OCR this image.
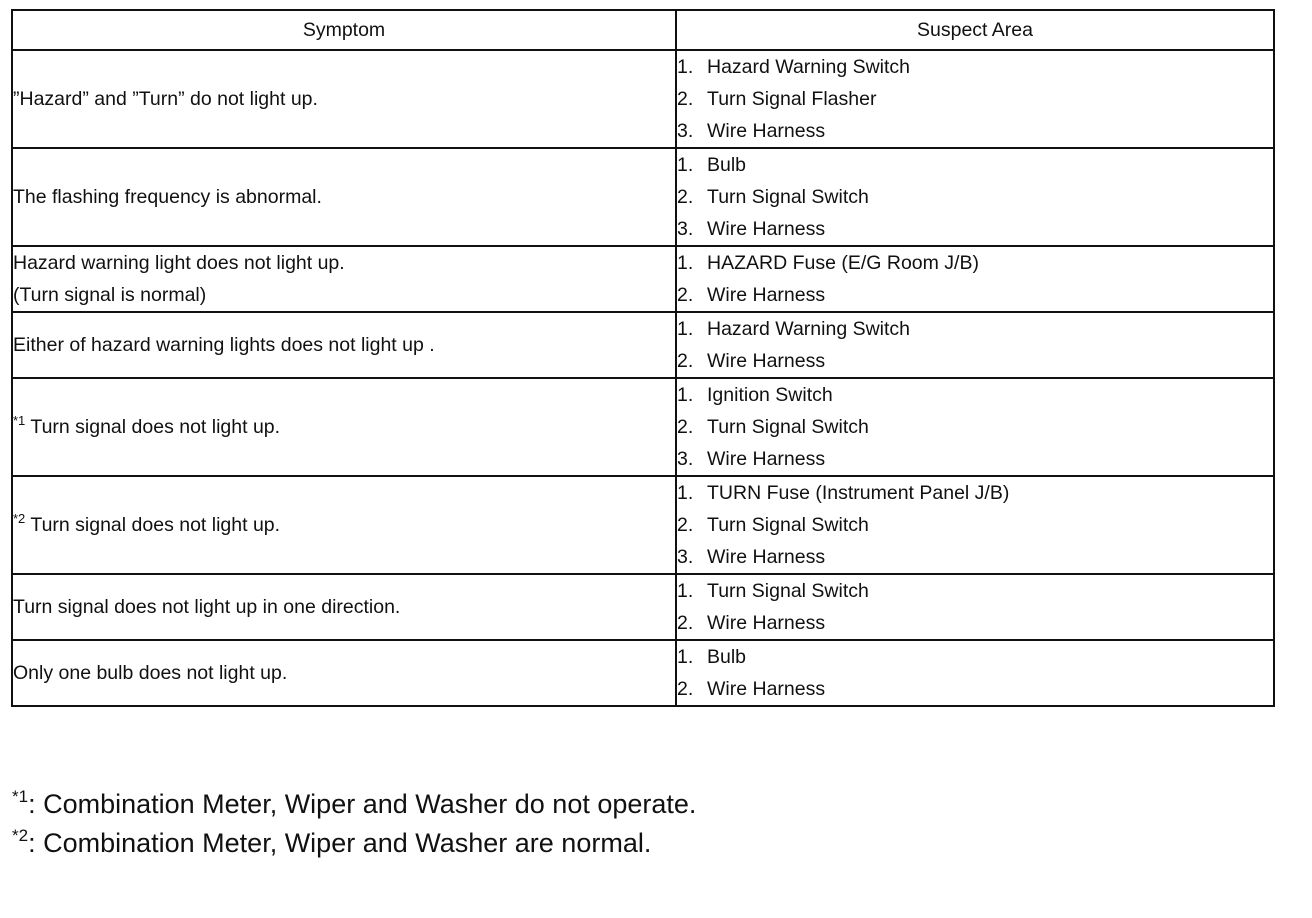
Symptom	Suspect Area

”Hazard” and ”Turn” do not light up.	1. Hazard Warning Switch
2. Turn Signal Flasher
3. Wire Harness

The flashing frequency is abnormal.	1. Bulb
2. Turn Signal Switch
3. Wire Harness

Hazard warning light does not light up.
(Turn signal is normal)	1. HAZARD Fuse (E/G Room J/B)
2. Wire Harness

Either of hazard warning lights does not light up .	1. Hazard Warning Switch
2. Wire Harness

$^{*1}$ Turn signal does not light up.	1. Ignition Switch
2. Turn Signal Switch
3. Wire Harness

$^{*2}$ Turn signal does not light up.	1. TURN Fuse (Instrument Panel J/B)
2. Turn Signal Switch
3. Wire Harness

Turn signal does not light up in one direction.	1. Turn Signal Switch
2. Wire Harness

Only one bulb does not light up.	1. Bulb
2. Wire Harness
$^{*1}$: Combination Meter, Wiper and Washer do not operate.
$^{*2}$: Combination Meter, Wiper and Washer are normal.
